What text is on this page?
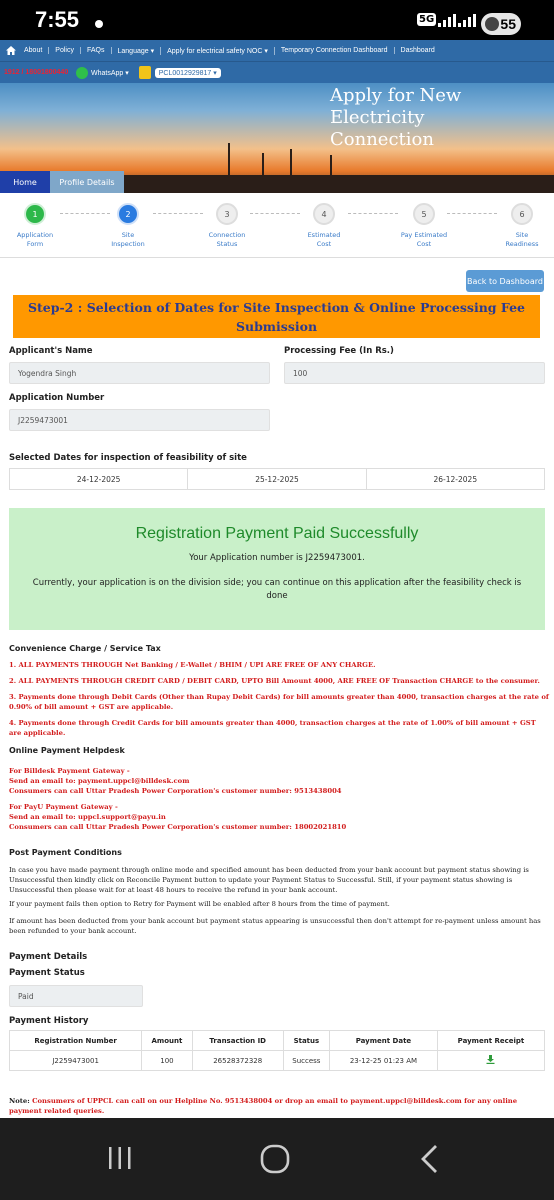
7:55	5G	55
About	Policy	FAQs	Language ▾	Apply for electrical safety NOC ▾	Temporary Connection Dashboard	Dashboard
1912 / 18001800440	WhatsApp ▾	PCL0012929817 ▾
Apply for New
Electricity
Connection
Home	Profile Details
1
Application
Form
2
Site
Inspection
3
Connection
Status
4
Estimated
Cost
5
Pay Estimated
Cost
6
Site
Readiness
Back to Dashboard
Step-2 : Selection of Dates for Site Inspection & Online Processing Fee
Submission
Applicant's Name
Yogendra Singh
Processing Fee (In Rs.)
100
Application Number
J2259473001
Selected Dates for inspection of feasibility of site
24-12-2025	25-12-2025	26-12-2025
Registration Payment Paid Successfully
Your Application number is J2259473001.
Currently, your application is on the division side; you can continue on this application after the feasibility check is done
Convenience Charge / Service Tax
1. ALL PAYMENTS THROUGH Net Banking / E-Wallet / BHIM / UPI ARE FREE OF ANY CHARGE.
2. ALL PAYMENTS THROUGH CREDIT CARD / DEBIT CARD, UPTO Bill Amount 4000, ARE FREE OF Transaction CHARGE to the consumer.
3. Payments done through Debit Cards (Other than Rupay Debit Cards) for bill amounts greater than 4000, transaction charges at the rate of 0.90% of bill amount + GST are applicable.
4. Payments done through Credit Cards for bill amounts greater than 4000, transaction charges at the rate of 1.00% of bill amount + GST are applicable.
Online Payment Helpdesk
For Billdesk Payment Gateway -
Send an email to: payment.uppcl@billdesk.com
Consumers can call Uttar Pradesh Power Corporation's customer number: 9513438004
For PayU Payment Gateway -
Send an email to: uppcl.support@payu.in
Consumers can call Uttar Pradesh Power Corporation's customer number: 18002021810
Post Payment Conditions
In case you have made payment through online mode and specified amount has been deducted from your bank account but payment status showing is Unsuccessful then kindly click on Reconcile Payment button to update your Payment Status to Successful. Still, if your payment status showing is Unsuccessful then please wait for at least 48 hours to receive the refund in your bank account.
If your payment fails then option to Retry for Payment will be enabled after 8 hours from the time of payment.
If amount has been deducted from your bank account but payment status appearing is unsuccessful then don't attempt for re-payment unless amount has been refunded to your bank account.
Payment Details
Payment Status
Paid
Payment History
Registration Number	Amount	Transaction ID	Status	Payment Date	Payment Receipt
J2259473001	100	26528372328	Success	23-12-25 01:23 AM	
Note: Consumers of UPPCL can call on our Helpline No. 9513438004 or drop an email to payment.uppcl@billdesk.com for any online payment related queries.
